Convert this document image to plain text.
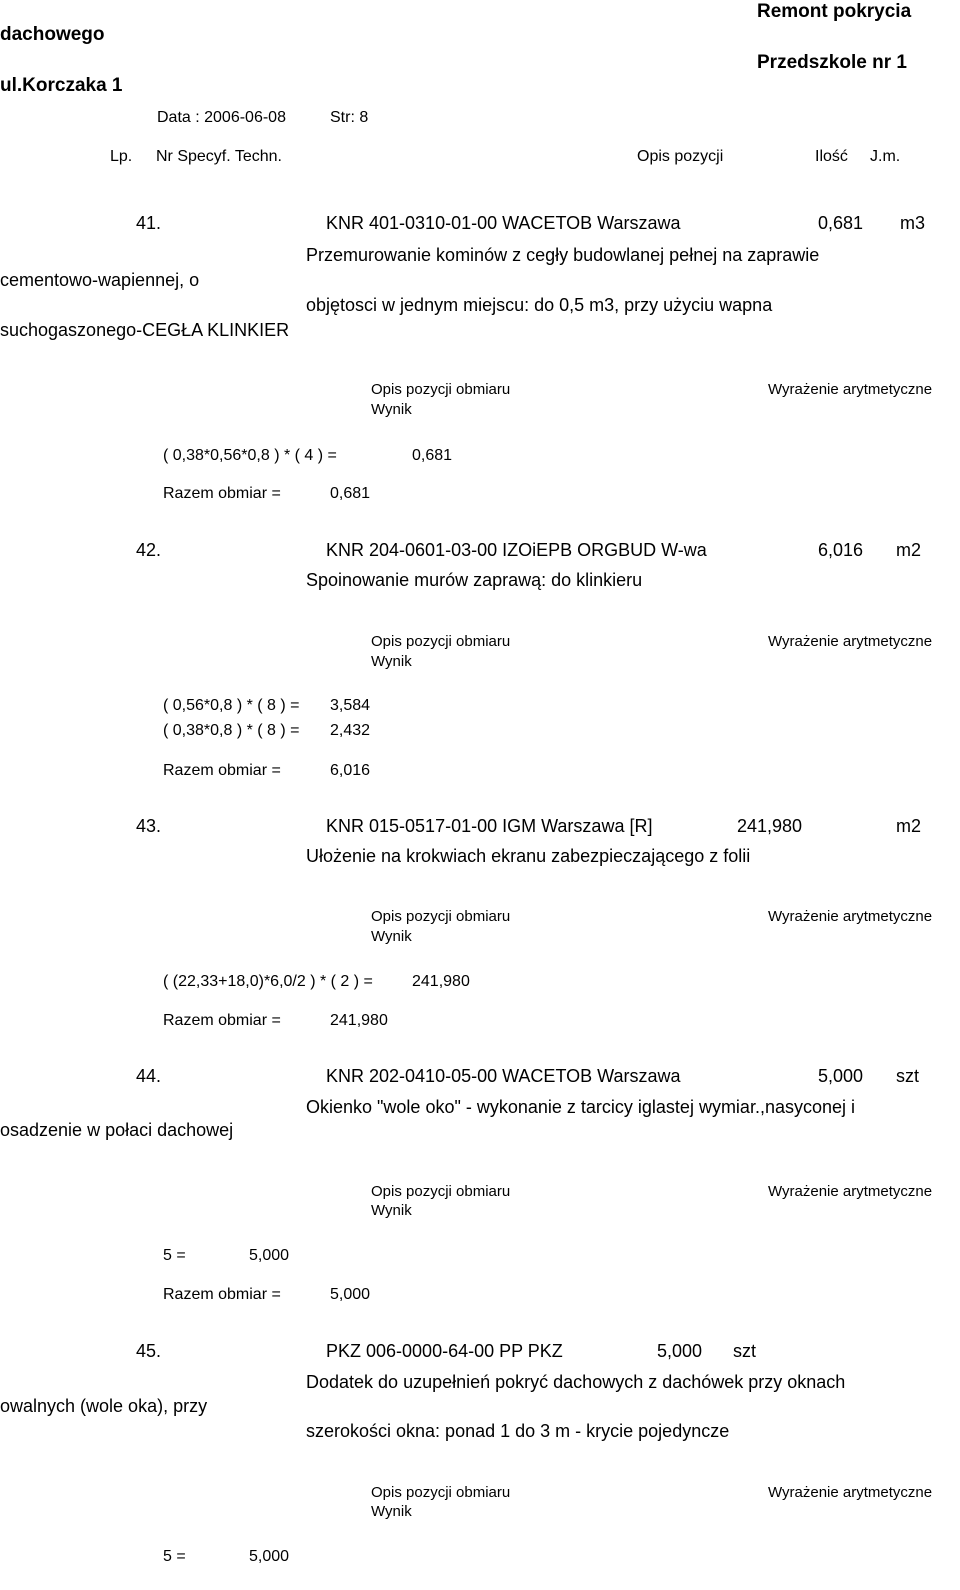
dachowego
ul.Korczaka 1
Remont pokrycia
Przedszkole nr 1
Data : 2006-06-08	Str: 8
Lp. Nr Specyf. Techn.	Opis pozycji	Ilość J.m.
41.	KNR 401-0310-01-00 WACETOB Warszawa	0,681 m3
Przemurowanie kominów z cegły budowlanej pełnej na zaprawie
cementowo-wapiennej, o
objętosci w jednym miejscu: do 0,5 m3, przy użyciu wapna
suchogaszonego-CEGŁA KLINKIER
Opis pozycji obmiaru	Wyrażenie arytmetyczne
Wynik
( 0,38*0,56*0,8 ) * ( 4 ) =	0,681
Razem obmiar =	0,681
42.	KNR 204-0601-03-00 IZOiEPB ORGBUD W-wa	6,016 m2
Spoinowanie murów zaprawą: do klinkieru
Opis pozycji obmiaru	Wyrażenie arytmetyczne
Wynik
( 0,56*0,8 ) * ( 8 ) = 3,584
( 0,38*0,8 ) * ( 8 ) = 2,432
Razem obmiar =	6,016
43.	KNR 015-0517-01-00 IGM Warszawa [R]	241,980	m2
Ułożenie na krokwiach ekranu zabezpieczającego z folii
Opis pozycji obmiaru	Wyrażenie arytmetyczne
Wynik
( (22,33+18,0)*6,0/2 ) * ( 2 ) = 241,980
Razem obmiar =	241,980
44.	KNR 202-0410-05-00 WACETOB Warszawa	5,000 szt
Okienko "wole oko" - wykonanie z tarcicy iglastej wymiar.,nasyconej i
osadzenie w połaci dachowej
Opis pozycji obmiaru	Wyrażenie arytmetyczne
Wynik
5 =	5,000
Razem obmiar =	5,000
45.	PKZ 006-0000-64-00 PP PKZ	5,000 szt
Dodatek do uzupełnień pokryć dachowych z dachówek przy oknach
owalnych (wole oka), przy
szerokości okna: ponad 1 do 3 m - krycie pojedyncze
Opis pozycji obmiaru	Wyrażenie arytmetyczne
Wynik
5 =	5,000
